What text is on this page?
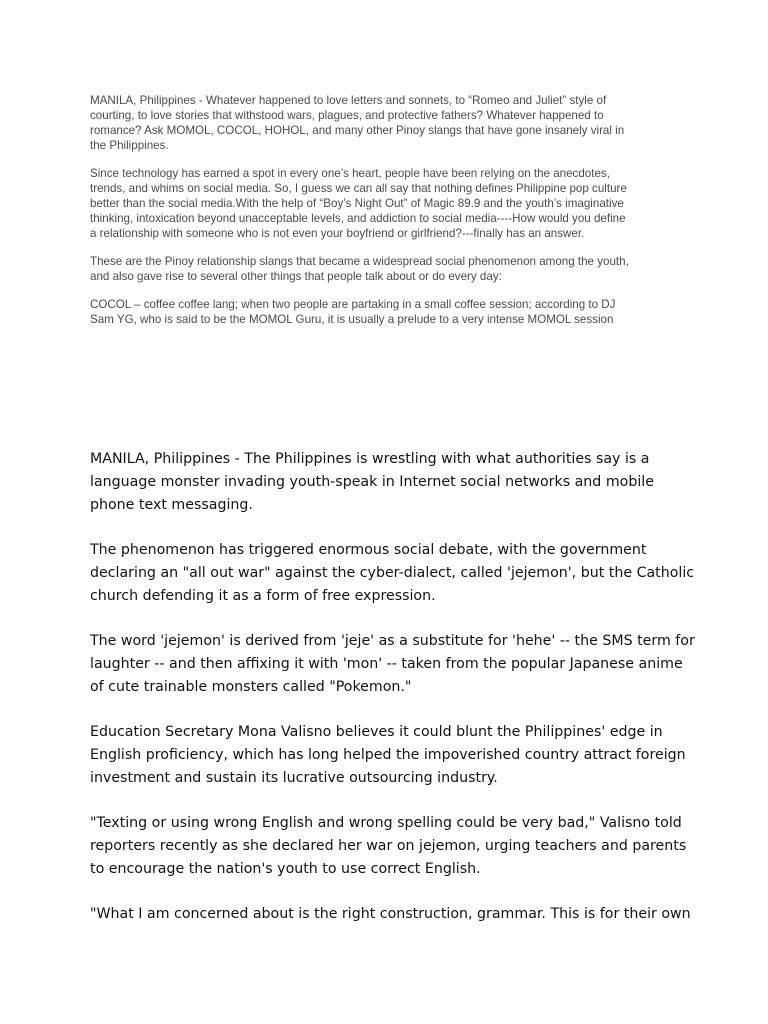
MANILA, Philippines - Whatever happened to love letters and sonnets, to “Romeo and Juliet” style of
courting, to love stories that withstood wars, plagues, and protective fathers? Whatever happened to
romance? Ask MOMOL, COCOL, HOHOL, and many other Pinoy slangs that have gone insanely viral in
the Philippines.

Since technology has earned a spot in every one’s heart, people have been relying on the anecdotes,
trends, and whims on social media. So, I guess we can all say that nothing defines Philippine pop culture
better than the social media.With the help of “Boy’s Night Out” of Magic 89.9 and the youth’s imaginative
thinking, intoxication beyond unacceptable levels, and addiction to social media----How would you define
a relationship with someone who is not even your boyfriend or girlfriend?---finally has an answer.

These are the Pinoy relationship slangs that became a widespread social phenomenon among the youth,
and also gave rise to several other things that people talk about or do every day:

COCOL – coffee coffee lang; when two people are partaking in a small coffee session; according to DJ
Sam YG, who is said to be the MOMOL Guru, it is usually a prelude to a very intense MOMOL session

MANILA, Philippines - The Philippines is wrestling with what authorities say is a
language monster invading youth-speak in Internet social networks and mobile
phone text messaging.

The phenomenon has triggered enormous social debate, with the government
declaring an "all out war" against the cyber-dialect, called 'jejemon', but the Catholic
church defending it as a form of free expression.

The word 'jejemon' is derived from 'jeje' as a substitute for 'hehe' -- the SMS term for
laughter -- and then affixing it with 'mon' -- taken from the popular Japanese anime
of cute trainable monsters called "Pokemon."

Education Secretary Mona Valisno believes it could blunt the Philippines' edge in
English proficiency, which has long helped the impoverished country attract foreign
investment and sustain its lucrative outsourcing industry.

"Texting or using wrong English and wrong spelling could be very bad," Valisno told
reporters recently as she declared her war on jejemon, urging teachers and parents
to encourage the nation's youth to use correct English.

"What I am concerned about is the right construction, grammar. This is for their own
